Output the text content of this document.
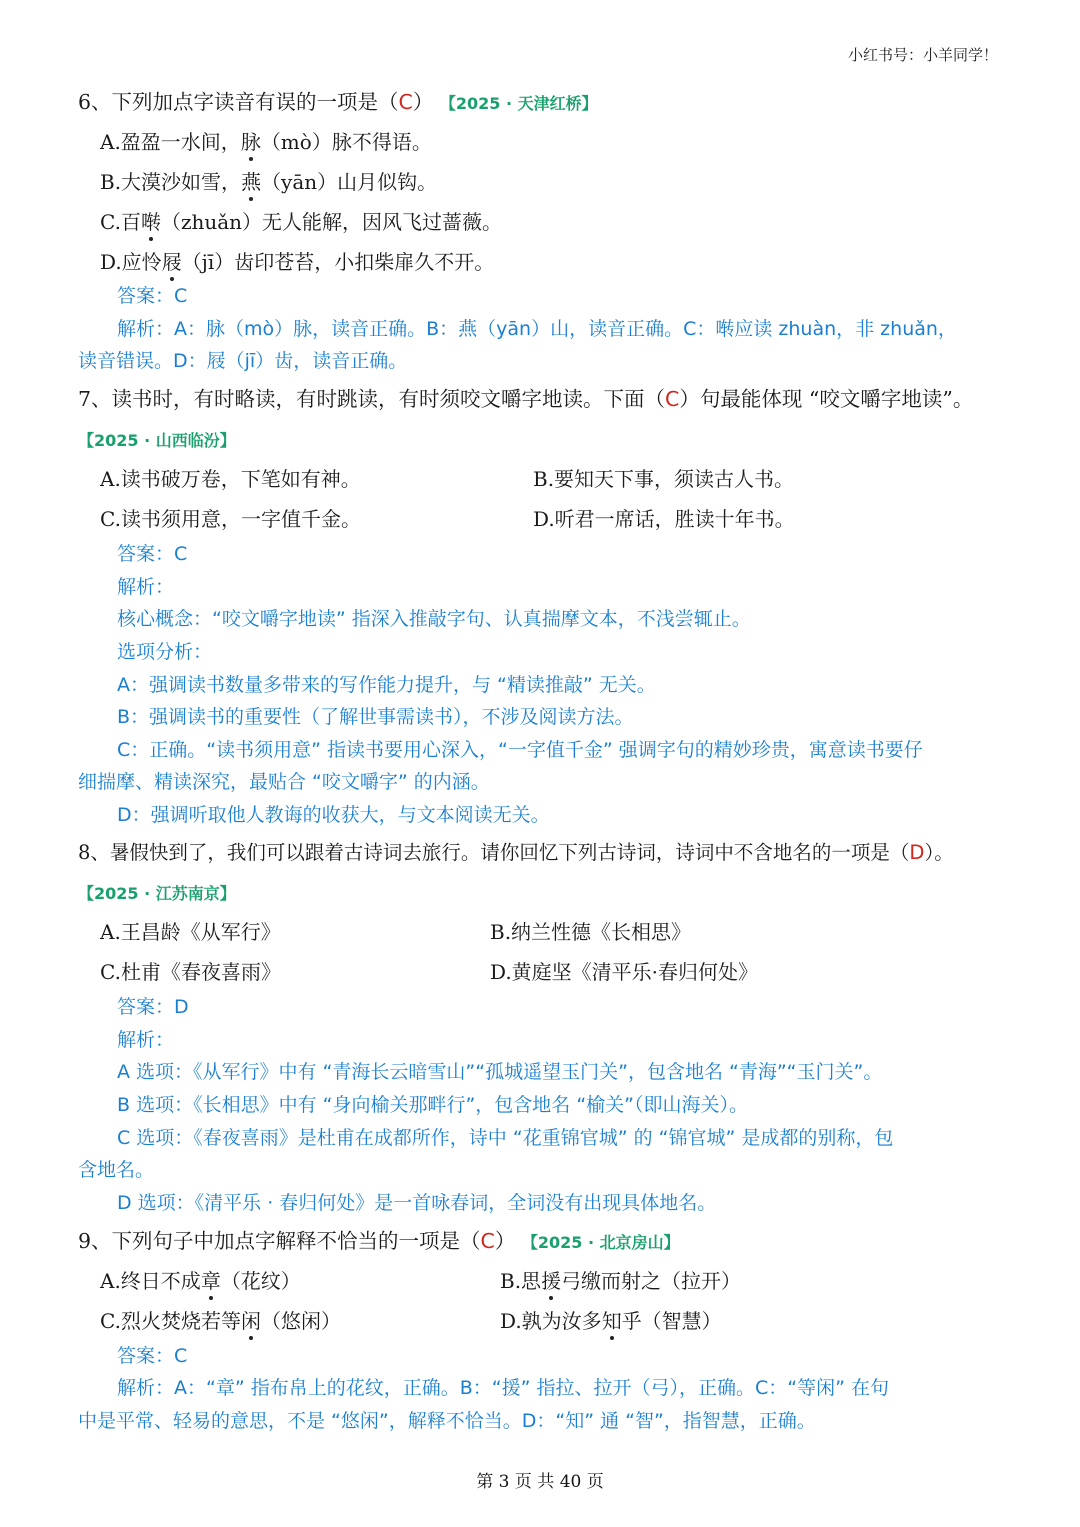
小红书号：小羊同学！
6、下列加点字读音有误的一项是（C） 【2025 · 天津红桥】
A.盈盈一水间，脉（mò）脉不得语。
B.大漠沙如雪，燕（yān）山月似钩。
C.百啭（zhuǎn）无人能解，因风飞过蔷薇。
D.应怜屐（jī）齿印苍苔，小扣柴扉久不开。
答案：C
解析：A：脉（mò）脉，读音正确。B：燕（yān）山，读音正确。C：啭应读 zhuàn，非 zhuǎn，
读音错误。D：屐（jī）齿，读音正确。
7、读书时，有时略读，有时跳读，有时须咬文嚼字地读。下面（C）句最能体现 “咬文嚼字地读”。
【2025 · 山西临汾】
A.读书破万卷，下笔如有神。	B.要知天下事，须读古人书。
C.读书须用意，一字值千金。	D.听君一席话，胜读十年书。
答案：C
解析：
核心概念：“咬文嚼字地读” 指深入推敲字句、认真揣摩文本，不浅尝辄止。
选项分析：
A：强调读书数量多带来的写作能力提升，与 “精读推敲” 无关。
B：强调读书的重要性（了解世事需读书），不涉及阅读方法。
C：正确。“读书须用意” 指读书要用心深入，“一字值千金” 强调字句的精妙珍贵，寓意读书要仔
细揣摩、精读深究，最贴合 “咬文嚼字” 的内涵。
D：强调听取他人教诲的收获大，与文本阅读无关。
8、暑假快到了，我们可以跟着古诗词去旅行。请你回忆下列古诗词，诗词中不含地名的一项是（D）。
【2025 · 江苏南京】
A.王昌龄《从军行》	B.纳兰性德《长相思》
C.杜甫《春夜喜雨》	D.黄庭坚《清平乐·春归何处》
答案：D
解析：
A 选项：《从军行》中有 “青海长云暗雪山”“孤城遥望玉门关”，包含地名 “青海”“玉门关”。
B 选项：《长相思》中有 “身向榆关那畔行”，包含地名 “榆关”（即山海关）。
C 选项：《春夜喜雨》是杜甫在成都所作，诗中 “花重锦官城” 的 “锦官城” 是成都的别称，包
含地名。
D 选项：《清平乐 · 春归何处》是一首咏春词，全词没有出现具体地名。
9、下列句子中加点字解释不恰当的一项是（C） 【2025 · 北京房山】
A.终日不成章（花纹）	B.思援弓缴而射之（拉开）
C.烈火焚烧若等闲（悠闲）	D.孰为汝多知乎（智慧）
答案：C
解析：A：“章” 指布帛上的花纹，正确。B：“援” 指拉、拉开（弓），正确。C：“等闲” 在句
中是平常、轻易的意思，不是 “悠闲”，解释不恰当。D：“知” 通 “智”，指智慧，正确。
第 3 页 共 40 页
